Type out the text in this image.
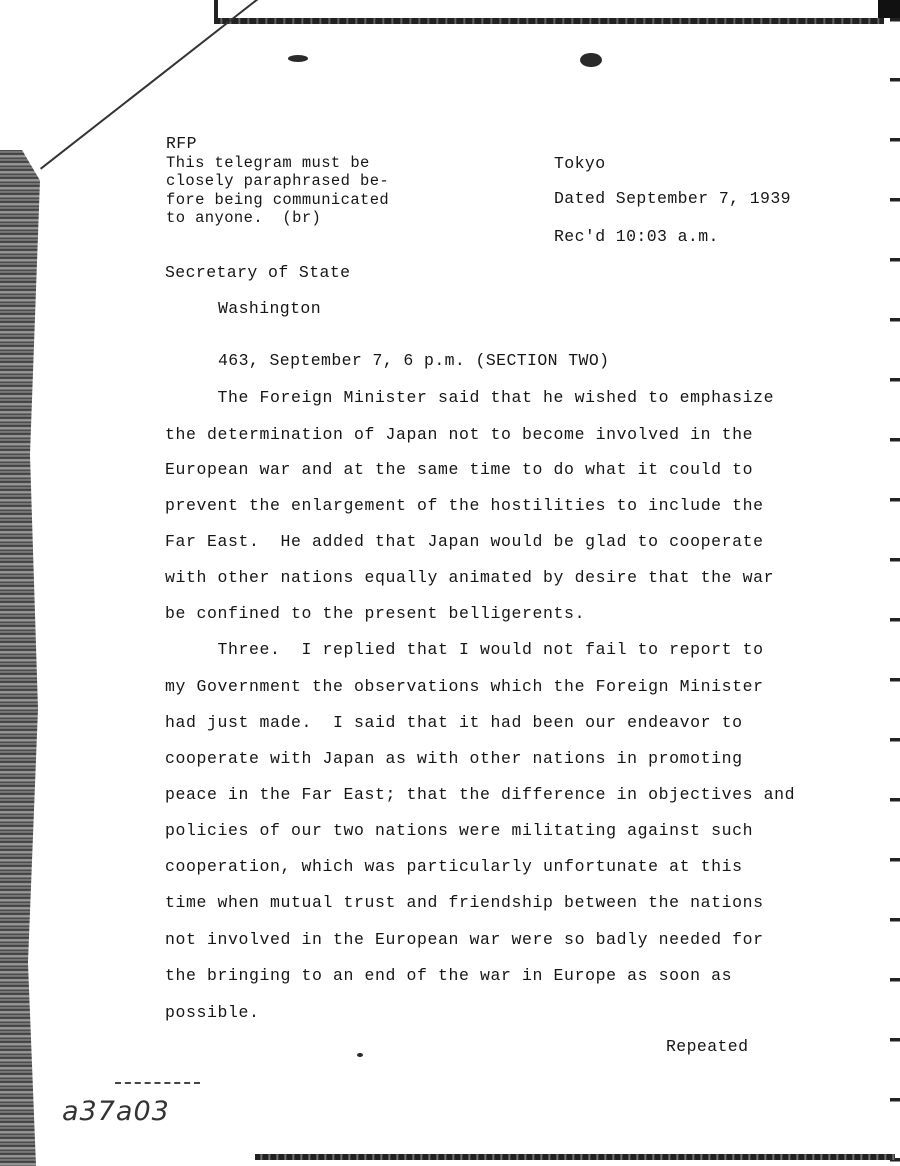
RFP
This telegram must be
closely paraphrased be-
fore being communicated
to anyone.  (br)
Tokyo
Dated September 7, 1939
Rec'd 10:03 a.m.
Secretary of State
Washington
463, September 7, 6 p.m. (SECTION TWO)
The Foreign Minister said that he wished to emphasize
the determination of Japan not to become involved in the
European war and at the same time to do what it could to
prevent the enlargement of the hostilities to include the
Far East.  He added that Japan would be glad to cooperate
with other nations equally animated by desire that the war
be confined to the present belligerents.
Three.  I replied that I would not fail to report to
my Government the observations which the Foreign Minister
had just made.  I said that it had been our endeavor to
cooperate with Japan as with other nations in promoting
peace in the Far East; that the difference in objectives and
policies of our two nations were militating against such
cooperation, which was particularly unfortunate at this
time when mutual trust and friendship between the nations
not involved in the European war were so badly needed for
the bringing to an end of the war in Europe as soon as
possible.
Repeated
a37a03
